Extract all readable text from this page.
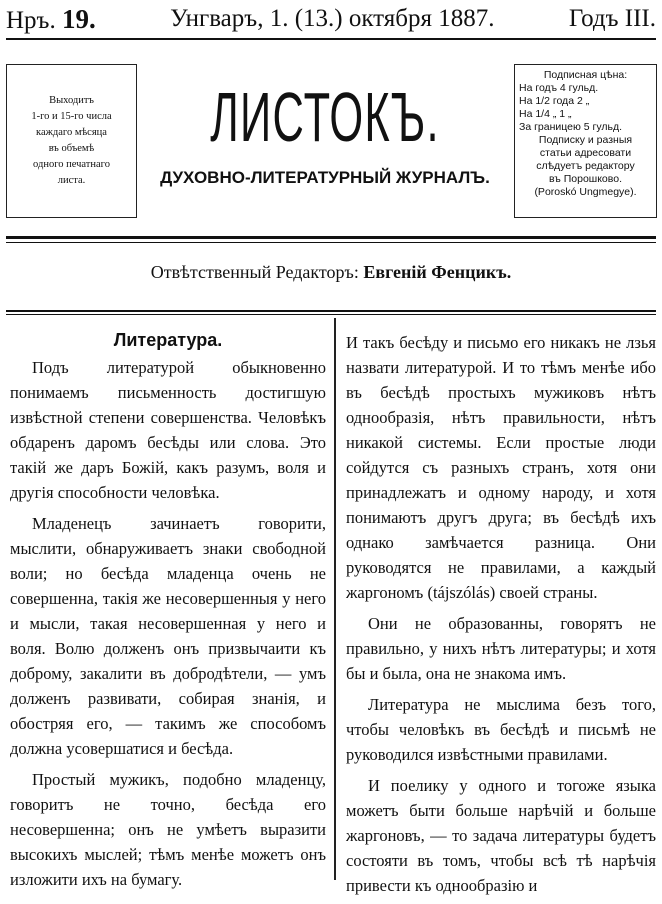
Нръ. 19.	Унгваръ, 1. (13.) октября 1887.	Годъ III.
Выходитъ
1-го и 15-го числа
каждаго мѣсяца
въ объемѣ
одного печатнаго
листа.
ЛИСТОКЪ.
ДУХОВНО-ЛИТЕРАТУРНЫЙ ЖУРНАЛЪ.
Подписная цѣна:
На годъ 4 гульд.
На 1/2 года 2 „
На 1/4 „ 1 „
За границею 5 гульд.
Подписку и разныя
статьи адресовати
слѣдуетъ редактору
въ Порошково.
(Poroskó Ungmegye).
Отвѣтственный Редакторъ: Евгеній Фенцикъ.
Литература.

Подъ литературой обыкновенно понимаемъ письменность достигшую извѣстной степени совершенства. Человѣкъ обдаренъ даромъ бесѣды или слова. Это такій же даръ Божій, какъ разумъ, воля и другія способности человѣка.

Младенецъ зачинаетъ говорити, мыслити, обнаруживаетъ знаки свободной воли; но бесѣда младенца очень не совершенна, такія же несовершенныя у него и мысли, такая несовершенная у него и воля. Волю долженъ онъ призвычаити къ доброму, закалити въ добродѣтели, — умъ долженъ развивати, собирая знанія, и обостряя его, — такимъ же способомъ должна усовершатися и бесѣда.

Простый мужикъ, подобно младенцу, говоритъ не точно, бесѣда его несовершенна; онъ не умѣетъ выразити высокихъ мыслей; тѣмъ менѣе можетъ онъ изложити ихъ на бумагу.

И такъ бесѣду и письмо его никакъ не лзья назвати литературой. И то тѣмъ менѣе ибо въ бесѣдѣ простыхъ мужиковъ нѣтъ однообразія, нѣтъ правильности, нѣтъ никакой системы. Если простые люди сойдутся съ разныхъ странъ, хотя они принадлежатъ и одному народу, и хотя понимаютъ другъ друга; въ бесѣдѣ ихъ однако замѣчается разница. Они руководятся не правилами, а каждый жаргономъ (tájszólás) своей страны.

Они не образованны, говорятъ не правильно, у нихъ нѣтъ литературы; и хотя бы и была, она не знакома имъ.

Литература не мыслима безъ того, чтобы человѣкъ въ бесѣдѣ и письмѣ не руководился извѣстными правилами.

И поелику у одного и тогоже языка можетъ быти больше нарѣчій и больше жаргоновъ, — то задача литературы будетъ состояти въ томъ, чтобы всѣ тѣ нарѣчія привести къ однообразію и
